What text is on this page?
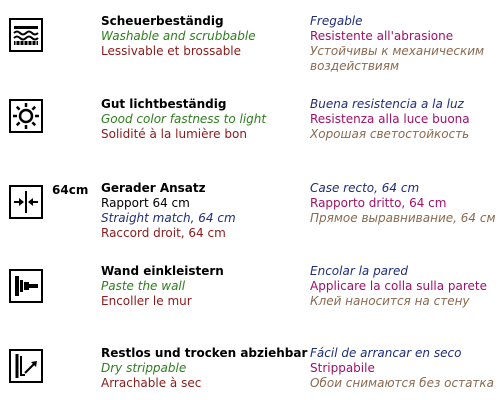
Scheuerbeständig
Washable and scrubbable
Lessivable et brossable
Fregable
Resistente all'abrasione
Устойчивы к механическим
воздействиям
Gut lichtbeständig
Good color fastness to light
Solidité à la lumière bon
Buena resistencia a la luz
Resistenza alla luce buona
Хорошая светостойкость
64cm Gerader Ansatz
Rapport 64 cm
Straight match, 64 cm
Raccord droit, 64 cm
Case recto, 64 cm
Rapporto dritto, 64 cm
Прямое выравнивание, 64 см
Wand einkleistern
Paste the wall
Encoller le mur
Encolar la pared
Applicare la colla sulla parete
Клей наносится на стену
Restlos und trocken abziehbar
Dry strippable
Arrachable à sec
Fácil de arrancar en seco
Strippabile
Обои снимаются без остатка
